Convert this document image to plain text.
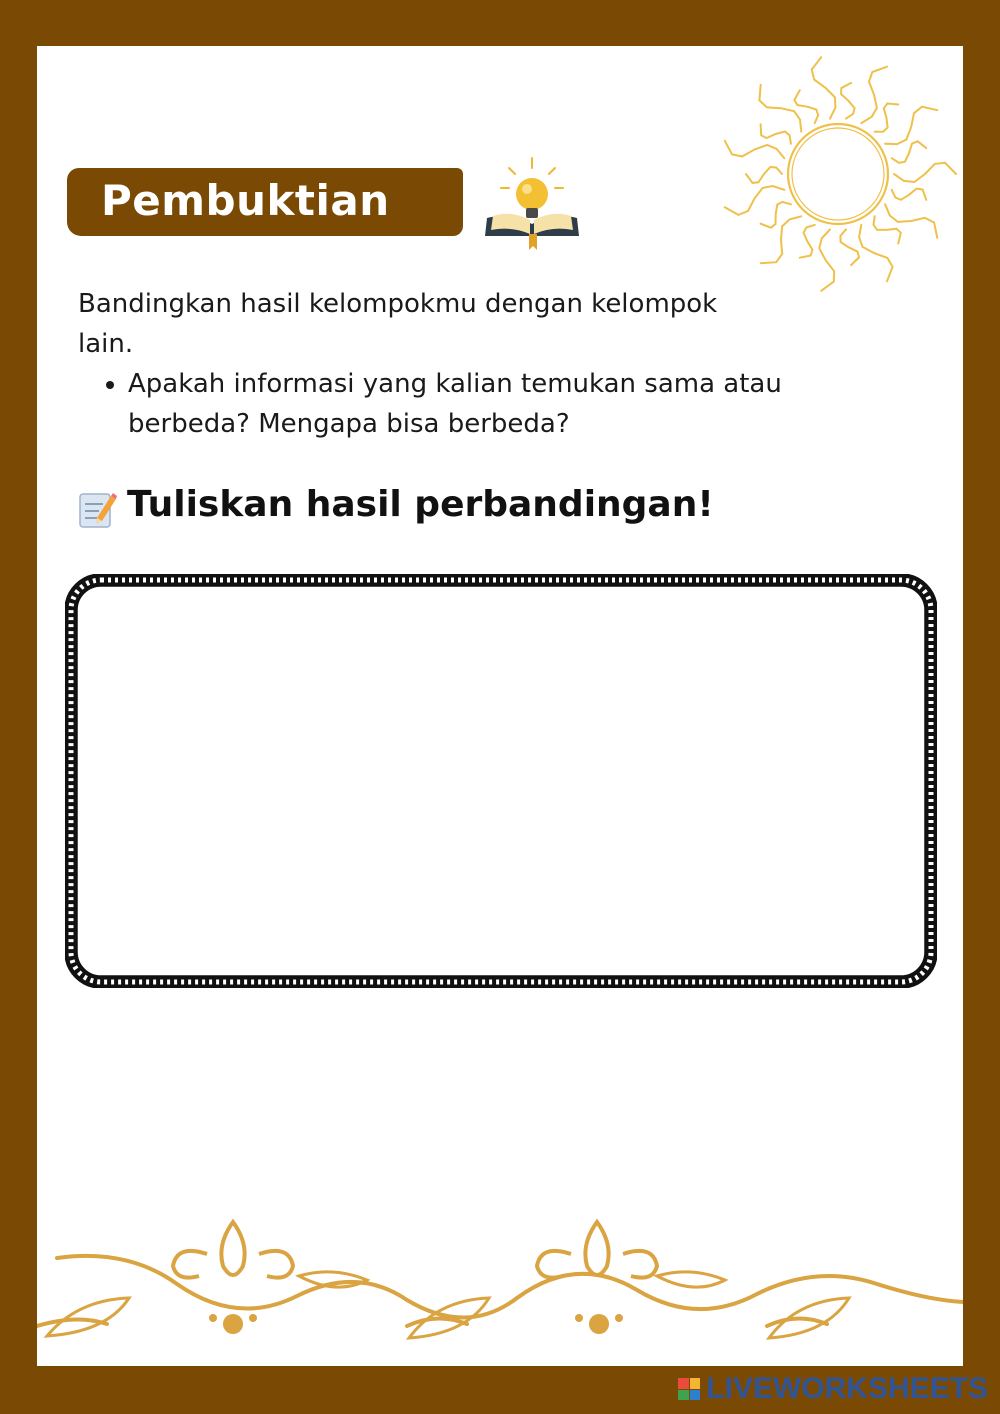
Pembuktian
Bandingkan hasil kelompokmu dengan kelompok lain.
• Apakah informasi yang kalian temukan sama atau berbeda? Mengapa bisa berbeda?
Tuliskan hasil perbandingan!
LIVEWORKSHEETS
